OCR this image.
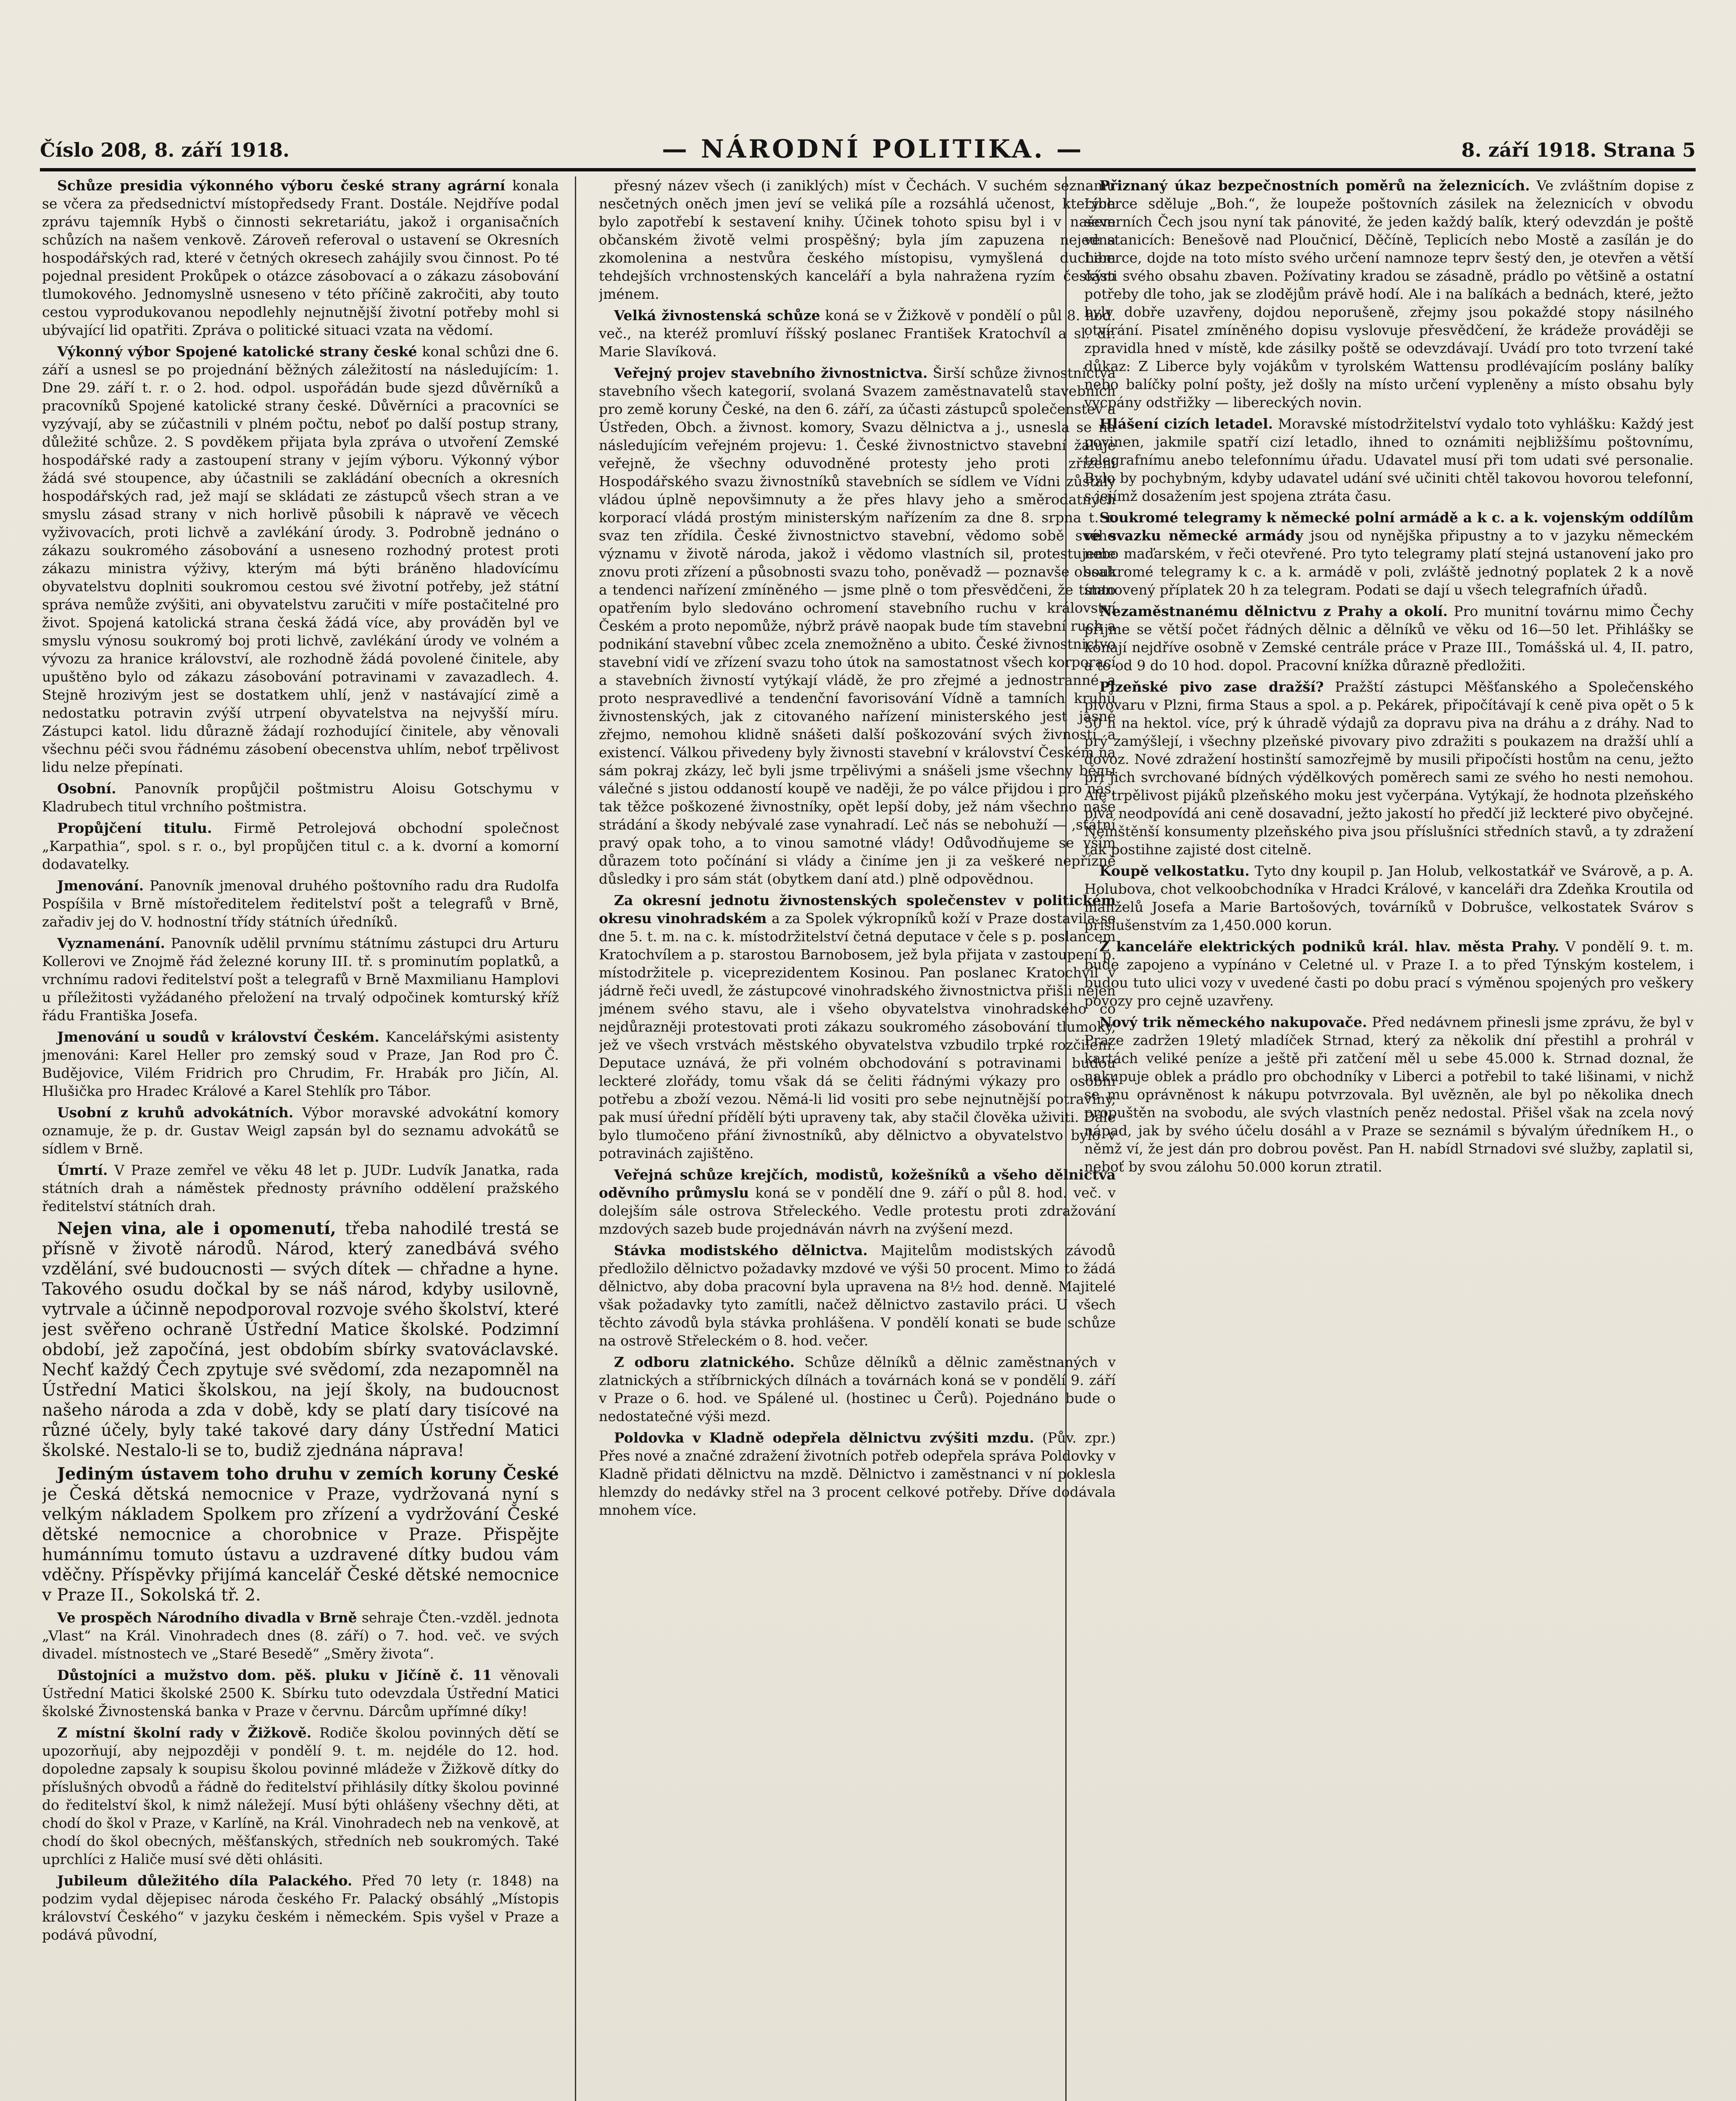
Číslo 208, 8. září 1918.	— NÁRODNÍ POLITIKA. —	8. září 1918. Strana 5

Schůze presidia výkonného výboru české strany agrární konala se včera za předsednictví místopředsedy Frant. Dostále. Nejdříve podal zprávu tajemník Hybš o činnosti sekretariátu, jakož i organisačních schůzích na našem venkově. Zároveň referoval o ustavení se Okresních hospodářských rad, které v četných okresech zahájily svou činnost. Po té pojednal president Prokůpek o otázce zásobovací a o zákazu zásobování tlumokového. Jednomyslně usneseno v této příčině zakročiti, aby touto cestou vyprodukovanou nepodlehly nejnutnější životní potřeby mohl si ubývající lid opatřiti. Zpráva o politické situaci vzata na vědomí.

Výkonný výbor Spojené katolické strany české konal schůzi dne 6. září a usnesl se po projednání běžných záležitostí na následujícím: 1. Dne 29. září t. r. o 2. hod. odpol. uspořádán bude sjezd důvěrníků a pracovníků Spojené katolické strany české. Důvěrníci a pracovníci se vyzývají, aby se zúčastnili v plném počtu, neboť po další postup strany, důležité schůze. 2. S povděkem přijata byla zpráva o utvoření Zemské hospodářské rady a zastoupení strany v jejím výboru. Výkonný výbor žádá své stoupence, aby účastnili se zakládání obecních a okresních hospodářských rad, jež mají se skládati ze zástupců všech stran a ve smyslu zásad strany v nich horlivě působili k nápravě ve věcech vyživovacích, proti lichvě a zavlékání úrody. 3. Podrobně jednáno o zákazu soukromého zásobování a usneseno rozhodný protest proti zákazu ministra výživy, kterým má býti bráněno hladovícímu obyvatelstvu doplniti soukromou cestou své životní potřeby, jež státní správa nemůže zvýšiti, ani obyvatelstvu zaručiti v míře postačitelné pro život. Spojená katolická strana česká žádá více, aby prováděn byl ve smyslu výnosu soukromý boj proti lichvě, zavlékání úrody ve volném a vývozu za hranice království, ale rozhodně žádá povolené činitele, aby upuštěno bylo od zákazu zásobování potravinami v zavazadlech. 4. Stejně hrozivým jest se dostatkem uhlí, jenž v nastávající zimě a nedostatku potravin zvýší utrpení obyvatelstva na nejvyšší míru. Zástupci katol. lidu důrazně žádají rozhodující činitele, aby věnovali všechnu péči svou řádnému zásobení obecenstva uhlím, neboť trpělivost lidu nelze přepínati.

Osobní. Panovník propůjčil poštmistru Aloisu Gotschymu v Kladrubech titul vrchního poštmistra.

Propůjčení titulu. Firmě Petrolejová obchodní společnost „Karpathia“, spol. s r. o., byl propůjčen titul c. a k. dvorní a komorní dodavatelky.

Jmenování. Panovník jmenoval druhého poštovního radu dra Rudolfa Pospíšila v Brně místoředitelem ředitelství pošt a telegrafů v Brně, zařadiv jej do V. hodnostní třídy státních úředníků.

Vyznamenání. Panovník udělil prvnímu státnímu zástupci dru Arturu Kollerovi ve Znojmě řád železné koruny III. tř. s prominutím poplatků, a vrchnímu radovi ředitelství pošt a telegrafů v Brně Maxmilianu Hamplovi u příležitosti vyžádaného přeložení na trvalý odpočinek komturský kříž řádu Františka Josefa.

Jmenování u soudů v království Českém. Kancelářskými asistenty jmenováni: Karel Heller pro zemský soud v Praze, Jan Rod pro Č. Budějovice, Vilém Fridrich pro Chrudim, Fr. Hrabák pro Jičín, Al. Hlušička pro Hradec Králové a Karel Stehlík pro Tábor.

Usobní z kruhů advokátních. Výbor moravské advokátní komory oznamuje, že p. dr. Gustav Weigl zapsán byl do seznamu advokátů se sídlem v Brně.

Úmrtí. V Praze zemřel ve věku 48 let p. JUDr. Ludvík Janatka, rada státních drah a náměstek přednosty právního oddělení pražského ředitelství státních drah.

Nejen vina, ale i opomenutí, třeba nahodilé trestá se přísně v životě národů. Národ, který zanedbává svého vzdělání, své budoucnosti — svých dítek — chřadne a hyne. Takového osudu dočkal by se náš národ, kdyby usilovně, vytrvale a účinně nepodporoval rozvoje svého školství, které jest svěřeno ochraně Ústřední Matice školské. Podzimní období, jež započíná, jest obdobím sbírky svatováclavské. Nechť každý Čech zpytuje své svědomí, zda nezapomněl na Ústřední Matici školskou, na její školy, na budoucnost našeho národa a zda v době, kdy se platí dary tisícové na různé účely, byly také takové dary dány Ústřední Matici školské. Nestalo-li se to, budiž zjednána náprava!

Jediným ústavem toho druhu v zemích koruny České je Česká dětská nemocnice v Praze, vydržovaná nyní s velkým nákladem Spolkem pro zřízení a vydržování České dětské nemocnice a chorobnice v Praze. Přispějte humánnímu tomuto ústavu a uzdravené dítky budou vám vděčny. Příspěvky přijímá kancelář České dětské nemocnice v Praze II., Sokolská tř. 2.

Ve prospěch Národního divadla v Brně sehraje Čten.-vzděl. jednota „Vlast“ na Král. Vinohradech dnes (8. září) o 7. hod. več. ve svých divadel. místnostech ve „Staré Besedě“ „Směry života“.

Důstojníci a mužstvo dom. pěš. pluku v Jičíně č. 11 věnovali Ústřední Matici školské 2500 K. Sbírku tuto odevzdala Ústřední Matici školské Živnostenská banka v Praze v červnu. Dárcům upřímné díky!

Z místní školní rady v Žižkově. Rodiče školou povinných dětí se upozorňují, aby nejpozději v pondělí 9. t. m. nejdéle do 12. hod. dopoledne zapsaly k soupisu školou povinné mládeže v Žižkově dítky do příslušných obvodů a řádně do ředitelství přihlásily dítky školou povinné do ředitelství škol, k nimž náležejí. Musí býti ohlášeny všechny děti, at chodí do škol v Praze, v Karlíně, na Král. Vinohradech neb na venkově, at chodí do škol obecných, měšťanských, středních neb soukromých. Také uprchlíci z Haliče musí své děti ohlásiti.

Jubileum důležitého díla Palackého. Před 70 lety (r. 1848) na podzim vydal dějepisec národa českého Fr. Palacký obsáhlý „Místopis království Českého“ v jazyku českém i německém. Spis vyšel v Praze a podává původní,

přesný název všech (i zaniklých) míst v Čechách. V suchém seznamu nesčetných oněch jmen jeví se veliká píle a rozsáhlá učenost, kterých bylo zapotřebí k sestavení knihy. Účinek tohoto spisu byl i v našem občanském životě velmi prospěšný; byla jím zapuzena nejedna zkomolenina a nestvůra českého místopisu, vymyšlená duchem tehdejších vrchnostenských kanceláří a byla nahražena ryzím českým jménem.

Velká živnostenská schůze koná se v Žižkově v pondělí o půl 8. hod. več., na kteréž promluví říšský poslanec František Kratochvíl a sl. dr. Marie Slavíková.

Veřejný projev stavebního živnostnictva. Širší schůze živnostnictva stavebního všech kategorií, svolaná Svazem zaměstnavatelů stavebních pro země koruny České, na den 6. září, za účasti zástupců společenstev a Ústředen, Obch. a živnost. komory, Svazu dělnictva a j., usnesla se na následujícím veřejném projevu: 1. České živnostnictvo stavební žaluje veřejně, že všechny oduvodněné protesty jeho proti zřízení Hospodářského svazu živnostníků stavebních se sídlem ve Vídni zůstaly vládou úplně nepovšimnuty a že přes hlavy jeho a směrodatných korporací vládá prostým ministerským nařízením za dne 8. srpna t. r. svaz ten zřídila. České živnostnictvo stavební, vědomo sobě svého významu v životě národa, jakož i vědomo vlastních sil, protestujeme znovu proti zřízení a působnosti svazu toho, poněvadž — poznavše obsah a tendenci nařízení zmíněného — jsme plně o tom přesvědčeni, že tímto opatřením bylo sledováno ochromení stavebního ruchu v království Českém a proto nepomůže, nýbrž právě naopak bude tím stavební ruch a podnikání stavební vůbec zcela znemožněno a ubito. České živnostnictvo stavební vidí ve zřízení svazu toho útok na samostatnost všech korporací a stavebních živností vytýkají vládě, že pro zřejmé a jednostranné a proto nespravedlivé a tendenční favorisování Vídně a tamních kruhů živnostenských, jak z citovaného nařízení ministerského jest jasně zřejmo, nemohou klidně snášeti další poškozování svých živností a existencí. Válkou přivedeny byly živnosti stavební v království Českém na sám pokraj zkázy, leč byli jsme trpělivými a snášeli jsme všechny běды válečné s jistou oddaností koupě ve naději, že po válce přijdou i pro nás, tak těžce poškozené živnostníky, opět lepší doby, jež nám všechno naše strádání a škody nebývalé zase vynahradí. Leč nás se nebohuží — ‚státní pravý opak toho, a to vinou samotné vlády! Odůvodňujeme se vším důrazem toto počínání si vlády a činíme jen ji za veškeré nepřízně důsledky i pro sám stát (obytkem daní atd.) plně odpovědnou.

Za okresní jednotu živnostenských společenstev v politickém okresu vinohradském a za Spolek výkropníků koží v Praze dostavila se dne 5. t. m. na c. k. místodržitelství četná deputace v čele s p. poslancem Kratochvílem a p. starostou Barnobosem, jež byla přijata v zastoupení p. místodržitele p. viceprezidentem Kosinou. Pan poslanec Kratochvíl v jádrně řeči uvedl, že zástupcové vinohradského živnostnictva přišli nejen jménem svého stavu, ale i všeho obyvatelstva vinohradského co nejdůrazněji protestovati proti zákazu soukromého zásobování tlumoky, jež ve všech vrstvách městského obyvatelstva vzbudilo trpké rozčilení. Deputace uznává, že při volném obchodování s potravinami budou leckteré zlořády, tomu však dá se čeliti řádnými výkazy pro osobní potřebu a zboží vezou. Němá-li lid vositi pro sebe nejnutnější potraviny, pak musí úřední přídělí býti upraveny tak, aby stačil člověka uživiti. Dále bylo tlumočeno přání živnostníků, aby dělnictvo a obyvatelstvo bylo v potravinách zajištěno.

Veřejná schůze krejčích, modistů, kožešníků a všeho dělnictva oděvního průmyslu koná se v pondělí dne 9. září o půl 8. hod. več. v dolejším sále ostrova Střeleckého. Vedle protestu proti zdražování mzdových sazeb bude projednáván návrh na zvýšení mezd.

Stávka modistského dělnictva. Majitelům modistských závodů předložilo dělnictvo požadavky mzdové ve výši 50 procent. Mimo to žádá dělnictvo, aby doba pracovní byla upravena na 8½ hod. denně. Majitelé však požadavky tyto zamítli, načež dělnictvo zastavilo práci. U všech těchto závodů byla stávka prohlášena. V pondělí konati se bude schůze na ostrově Střeleckém o 8. hod. večer.

Z odboru zlatnického. Schůze dělníků a dělnic zaměstnaných v zlatnických a stříbrnických dílnách a továrnách koná se v pondělí 9. září v Praze o 6. hod. ve Spálené ul. (hostinec u Čerů). Pojednáno bude o nedostatečné výši mezd.

Poldovka v Kladně odepřela dělnictvu zvýšiti mzdu. (Pův. zpr.) Přes nové a značné zdražení životních potřeb odepřela správa Poldovky v Kladně přidati dělnictvu na mzdě. Dělnictvo i zaměstnanci v ní poklesla hlemzdy do nedávky střel na 3 procent celkové potřeby. Dříve dodávala mnohem více.

Přiznaný úkaz bezpečnostních poměrů na železnicích. Ve zvláštním dopise z Liberce sděluje „Boh.“, že loupeže poštovních zásilek na železnicích v obvodu severních Čech jsou nyní tak pánovité, že jeden každý balík, který odevzdán je poště ve stanicích: Benešově nad Ploučnicí, Děčíně, Teplicích nebo Mostě a zasílán je do Liberce, dojde na toto místo svého určení namnoze teprv šestý den, je otevřen a větší části svého obsahu zbaven. Požívatiny kradou se zásadně, prádlo po většině a ostatní potřeby dle toho, jak se zlodějům právě hodí. Ale i na balíkách a bednách, které, ježto byly dobře uzavřeny, dojdou neporušeně, zřejmy jsou pokaždé stopy násilného otvírání. Pisatel zmíněného dopisu vyslovuje přesvědčení, že krádeže prováději se zpravidla hned v místě, kde zásilky poště se odevzdávají. Uvádí pro toto tvrzení také důkaz: Z Liberce byly vojákům v tyrolském Wattensu prodlévajícím poslány balíky nebo balíčky polní pošty, jež došly na místo určení vypleněny a místo obsahu byly vycpány odstřižky — libereckých novin.

Hlášení cizích letadel. Moravské místodržitelství vydalo toto vyhlášku: Každý jest povinen, jakmile spatří cizí letadlo, ihned to oznámiti nejbližšímu poštovnímu, telegrafnímu anebo telefonnímu úřadu. Udavatel musí při tom udati své personalie. Bylo by pochybným, kdyby udavatel udání své učiniti chtěl takovou hovorou telefonní, s jejímž dosažením jest spojena ztráta času.

Soukromé telegramy k německé polní armádě a k c. a k. vojenským oddílům ve svazku německé armády jsou od nynějška připustny a to v jazyku německém nebo maďarském, v řeči otevřené. Pro tyto telegramy platí stejná ustanovení jako pro soukromé telegramy k c. a k. armádě v poli, zvláště jednotný poplatek 2 k a nově stanovený příplatek 20 h za telegram. Podati se dají u všech telegrafních úřadů.

Nezaměstnanému dělnictvu z Prahy a okolí. Pro munitní továrnu mimo Čechy přijme se větší počet řádných dělnic a dělníků ve věku od 16—50 let. Přihlášky se konají nejdříve osobně v Zemské centrále práce v Praze III., Tomášská ul. 4, II. patro, a to od 9 do 10 hod. dopol. Pracovní knížka důrazně předložiti.

Plzeňské pivo zase dražší? Pražští zástupci Měšťanského a Společenského pivovaru v Plzni, firma Staus a spol. a p. Pekárek, připočítávají k ceně piva opět o 5 k 50 h na hektol. více, prý k úhradě výdajů za dopravu piva na dráhu a z dráhy. Nad to prý zamýšlejí, i všechny plzeňské pivovary pivo zdražiti s poukazem na dražší uhlí a dovoz. Nové zdražení hostinští samozřejmě by musili připočísti hostům na cenu, ježto při jich svrchované bídných výdělkových poměrech sami ze svého ho nesti nemohou. Ale trpělivost pijáků plzeňského moku jest vyčerpána. Vytýkají, že hodnota plzeňského piva neodpovídá ani ceně dosavadní, ježto jakostí ho předčí již leckteré pivo obyčejné. Neinštěnší konsumenty plzeňského piva jsou příslušníci středních stavů, a ty zdražení tak postihne zajisté dost citelně.

Koupě velkostatku. Tyto dny koupil p. Jan Holub, velkostatkář ve Svárově, a p. A. Holubova, chot velkoobchodníka v Hradci Králové, v kanceláři dra Zdeňka Kroutila od manželů Josefa a Marie Bartošových, továrníků v Dobrušce, velkostatek Svárov s příslušenstvím za 1,450.000 korun.

Z kanceláře elektrických podniků král. hlav. města Prahy. V pondělí 9. t. m. bude zapojeno a vypínáno v Celetné ul. v Praze I. a to před Týnským kostelem, i budou tuto ulici vozy v uvedené časti po dobu prací s výměnou spojených pro veškery povozy pro cejně uzavřeny.

Nový trik německého nakupovače. Před nedávnem přinesli jsme zprávu, že byl v Praze zadržen 19letý mladíček Strnad, který za několik dní přestihl a prohrál v kartách veliké peníze a ještě při zatčení měl u sebe 45.000 k. Strnad doznal, že nakupuje oblek a prádlo pro obchodníky v Liberci a potřebil to také lišinami, v nichž se mu oprávněnost k nákupu potvrzovala. Byl uvězněn, ale byl po několika dnech propuštěn na svobodu, ale svých vlastních peněz nedostal. Přišel však na zcela nový nápad, jak by svého účelu dosáhl a v Praze se seznámil s bývalým úředníkem H., o němž ví, že jest dán pro dobrou pověst. Pan H. nabídl Strnadovi své služby, zaplatil si, neboť by svou zálohu 50.000 korun ztratil.
